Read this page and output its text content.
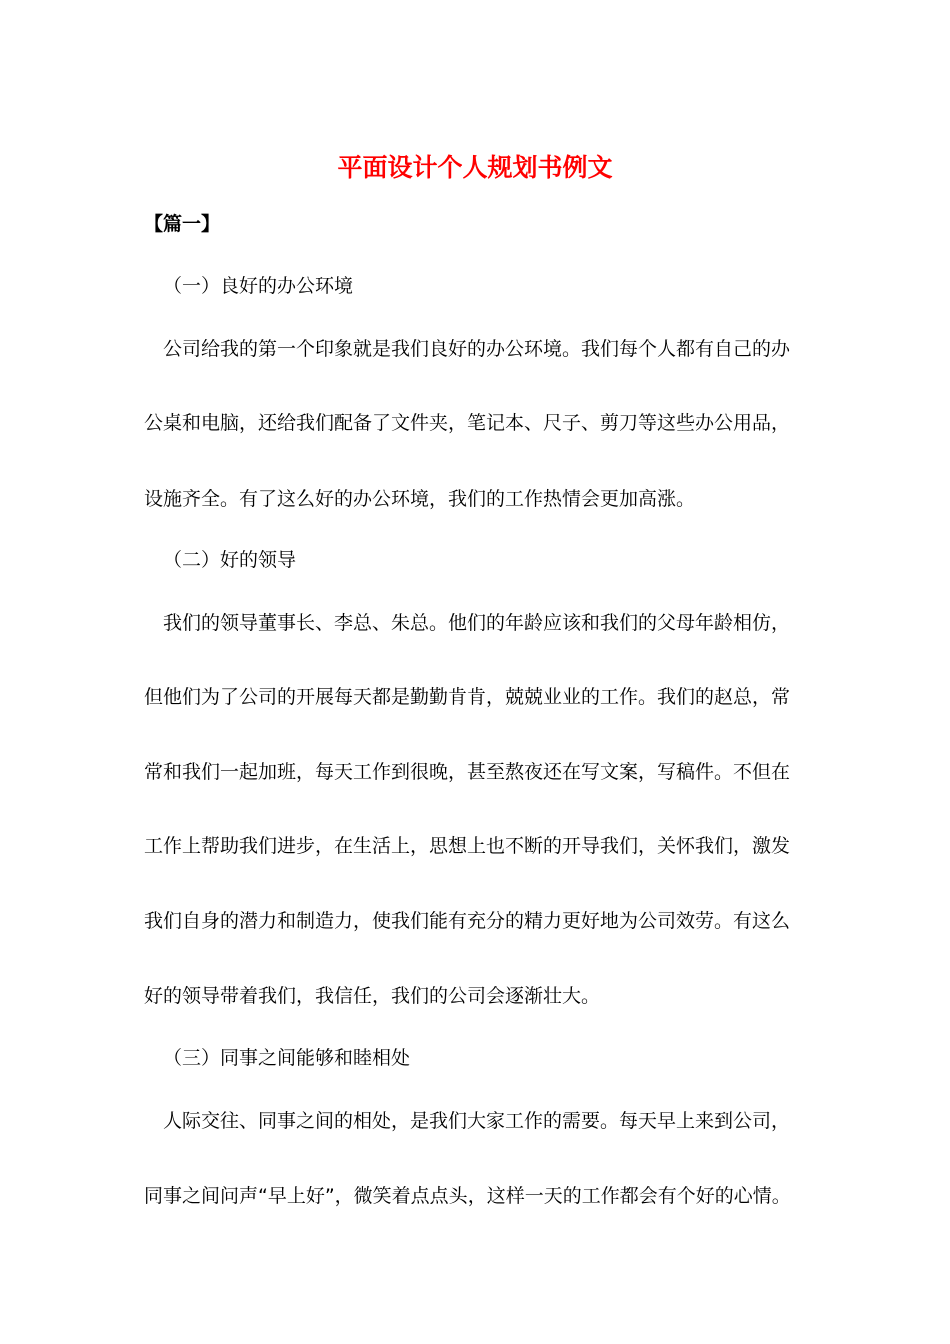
平面设计个人规划书例文

【篇一】

（一）良好的办公环境

公司给我的第一个印象就是我们良好的办公环境。我们每个人都有自己的办

公桌和电脑，还给我们配备了文件夹，笔记本、尺子、剪刀等这些办公用品，

设施齐全。有了这么好的办公环境，我们的工作热情会更加高涨。

（二）好的领导

我们的领导董事长、李总、朱总。他们的年龄应该和我们的父母年龄相仿，

但他们为了公司的开展每天都是勤勤肯肯，兢兢业业的工作。我们的赵总，常

常和我们一起加班，每天工作到很晚，甚至熬夜还在写文案，写稿件。不但在

工作上帮助我们进步，在生活上，思想上也不断的开导我们，关怀我们，激发

我们自身的潜力和制造力，使我们能有充分的精力更好地为公司效劳。有这么

好的领导带着我们，我信任，我们的公司会逐渐壮大。

（三）同事之间能够和睦相处

人际交往、同事之间的相处，是我们大家工作的需要。每天早上来到公司，

同事之间问声“早上好”，微笑着点点头，这样一天的工作都会有个好的心情。
